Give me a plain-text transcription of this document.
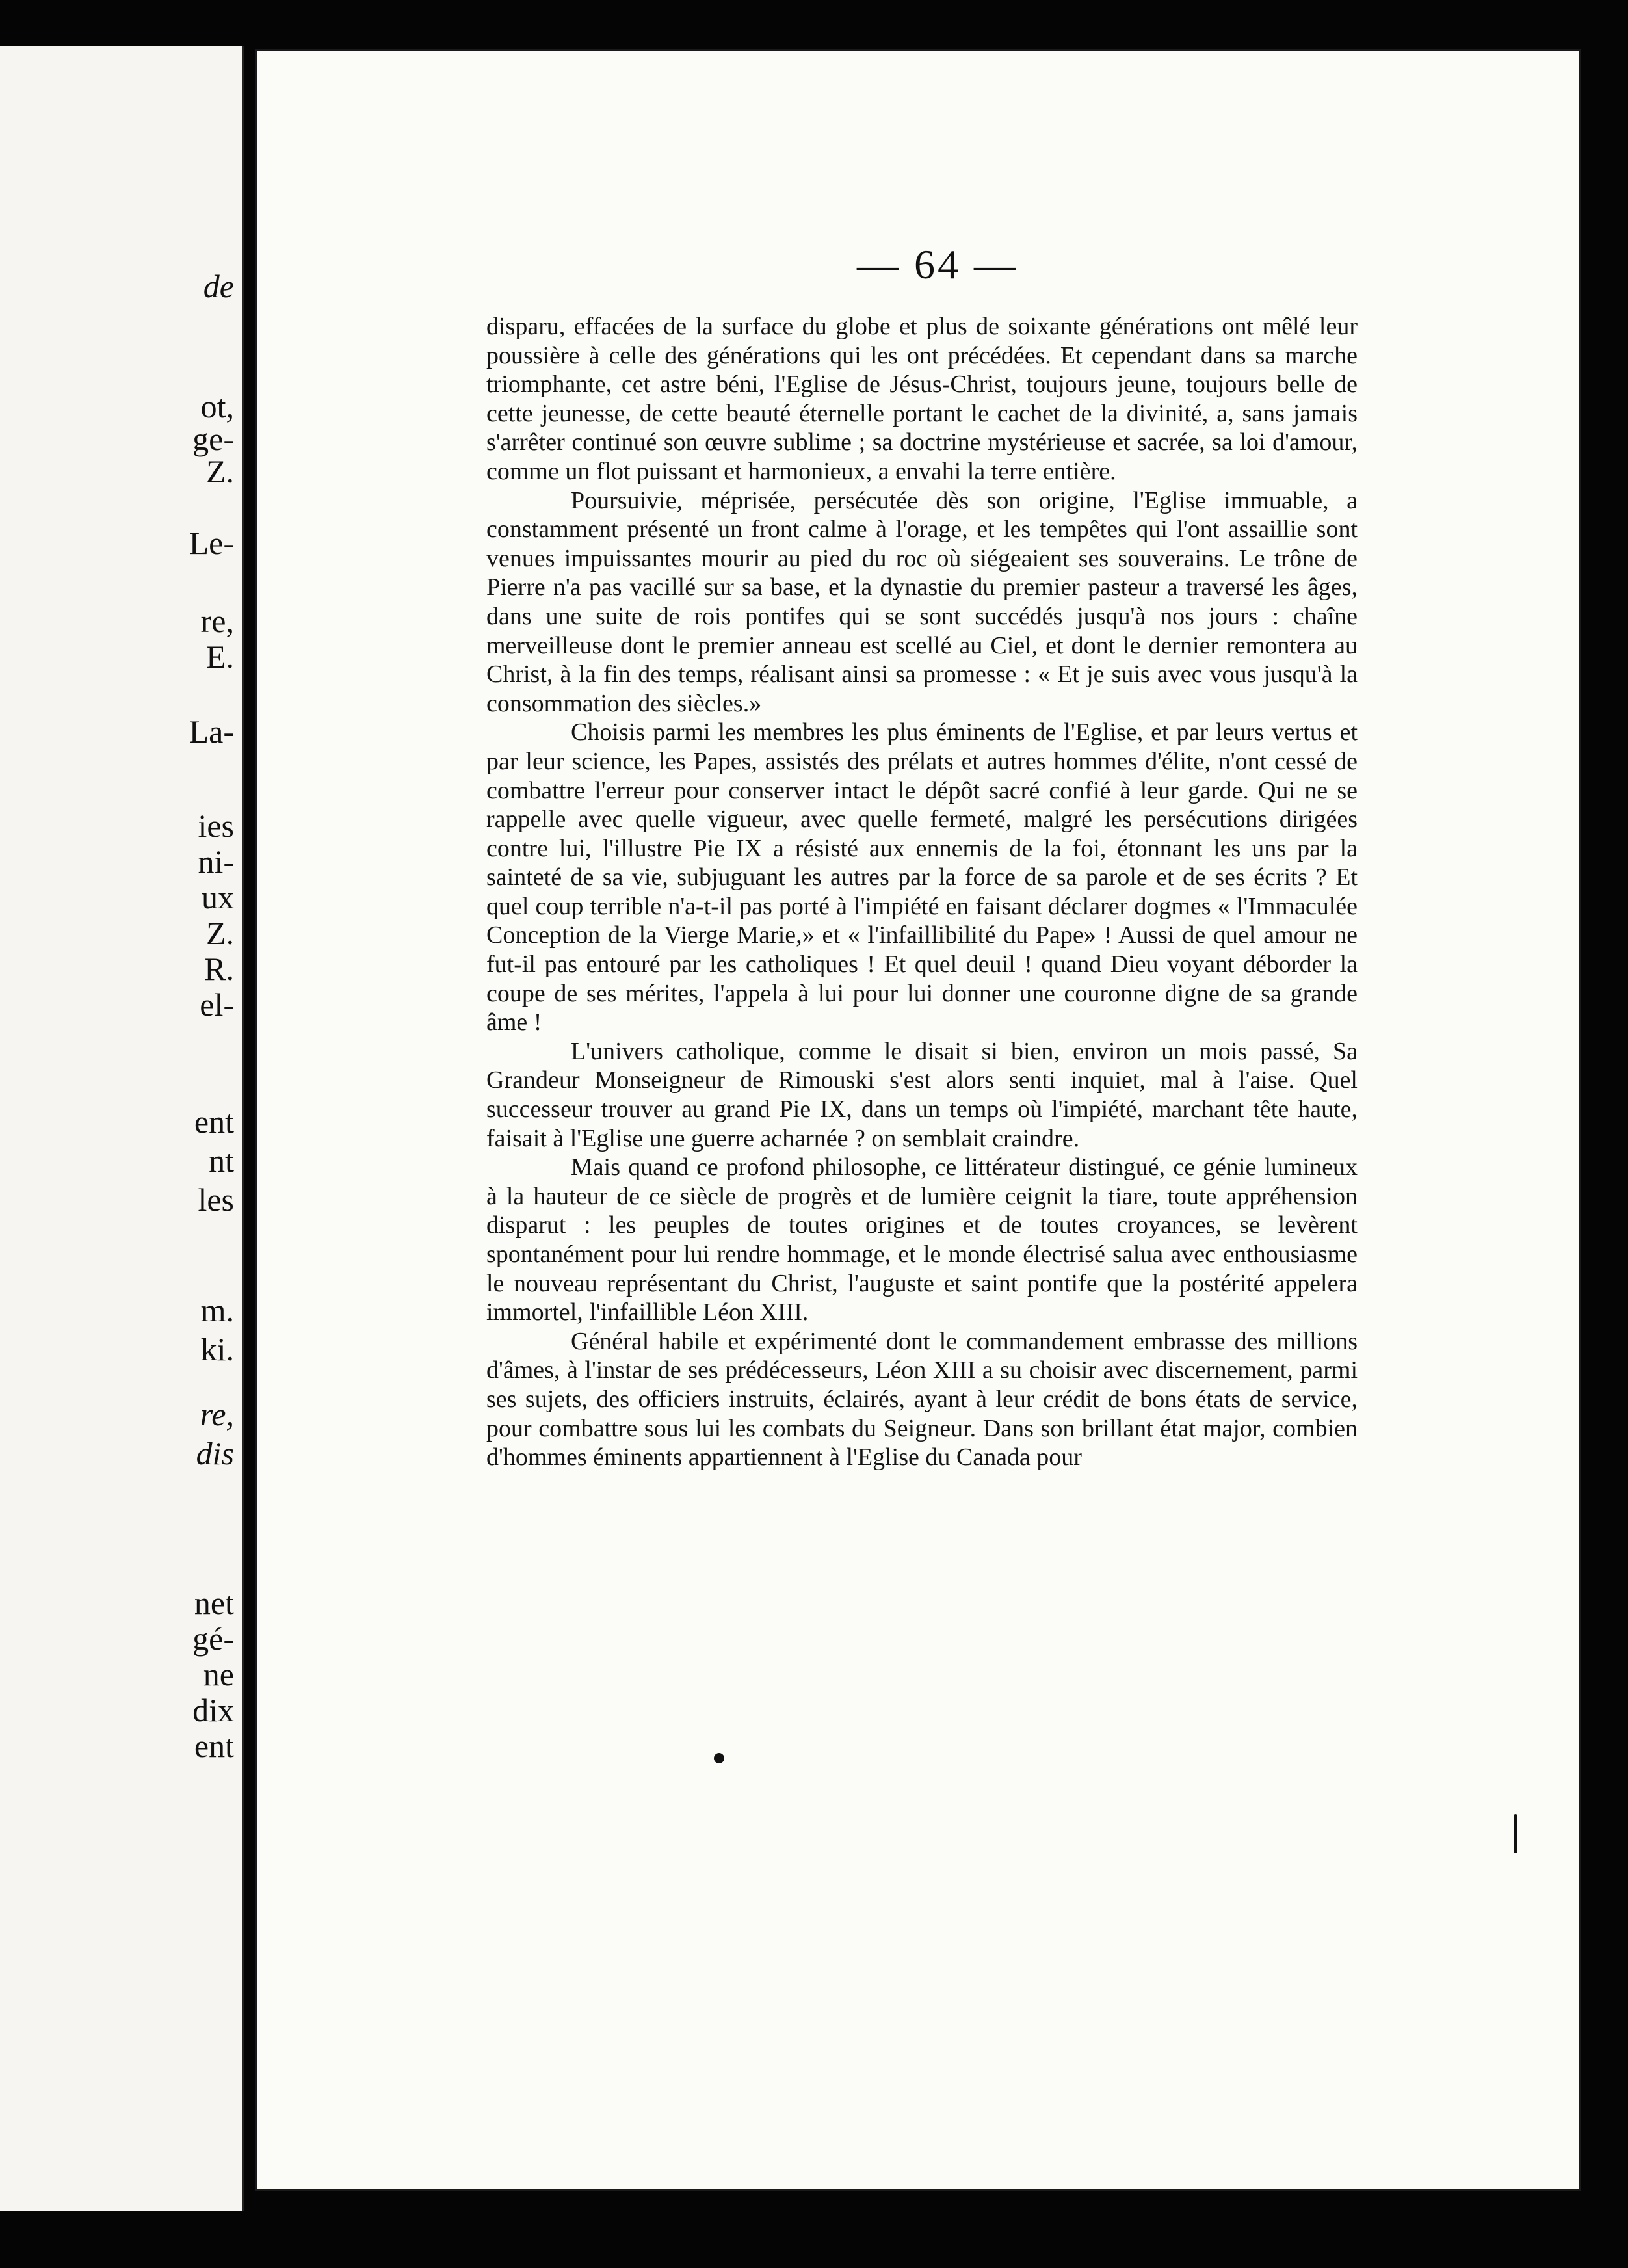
de
ot,
ge-
Z.
Le-
re,
E.
La-
ies
ni-
ux
Z.
R.
el-
ent
nt
les
m.
ki.
re,
dis
net
gé-
ne
dix
ent
— 64 —

disparu, effacées de la surface du globe et plus de soixante générations ont mêlé leur poussière à celle des générations qui les ont précédées. Et cependant dans sa marche triomphante, cet astre béni, l'Eglise de Jésus-Christ, toujours jeune, toujours belle de cette jeunesse, de cette beauté éternelle portant le cachet de la divinité, a, sans jamais s'arrêter continué son œuvre sublime ; sa doctrine mystérieuse et sacrée, sa loi d'amour, comme un flot puissant et harmonieux, a envahi la terre entière.

Poursuivie, méprisée, persécutée dès son origine, l'Eglise immuable, a constamment présenté un front calme à l'orage, et les tempêtes qui l'ont assaillie sont venues impuissantes mourir au pied du roc où siégeaient ses souverains. Le trône de Pierre n'a pas vacillé sur sa base, et la dynastie du premier pasteur a traversé les âges, dans une suite de rois pontifes qui se sont succédés jusqu'à nos jours : chaîne merveilleuse dont le premier anneau est scellé au Ciel, et dont le dernier remontera au Christ, à la fin des temps, réalisant ainsi sa promesse : « Et je suis avec vous jusqu'à la consommation des siècles.»

Choisis parmi les membres les plus éminents de l'Eglise, et par leurs vertus et par leur science, les Papes, assistés des prélats et autres hommes d'élite, n'ont cessé de combattre l'erreur pour conserver intact le dépôt sacré confié à leur garde. Qui ne se rappelle avec quelle vigueur, avec quelle fermeté, malgré les persécutions dirigées contre lui, l'illustre Pie IX a résisté aux ennemis de la foi, étonnant les uns par la sainteté de sa vie, subjuguant les autres par la force de sa parole et de ses écrits ? Et quel coup terrible n'a-t-il pas porté à l'impiété en faisant déclarer dogmes « l'Immaculée Conception de la Vierge Marie,» et « l'infaillibilité du Pape» ! Aussi de quel amour ne fut-il pas entouré par les catholiques ! Et quel deuil ! quand Dieu voyant déborder la coupe de ses mérites, l'appela à lui pour lui donner une couronne digne de sa grande âme !

L'univers catholique, comme le disait si bien, environ un mois passé, Sa Grandeur Monseigneur de Rimouski s'est alors senti inquiet, mal à l'aise. Quel successeur trouver au grand Pie IX, dans un temps où l'impiété, marchant tête haute, faisait à l'Eglise une guerre acharnée ? on semblait craindre.

Mais quand ce profond philosophe, ce littérateur distingué, ce génie lumineux à la hauteur de ce siècle de progrès et de lumière ceignit la tiare, toute appréhension disparut : les peuples de toutes origines et de toutes croyances, se levèrent spontanément pour lui rendre hommage, et le monde électrisé salua avec enthousiasme le nouveau représentant du Christ, l'auguste et saint pontife que la postérité appelera immortel, l'infaillible Léon XIII.

Général habile et expérimenté dont le commandement embrasse des millions d'âmes, à l'instar de ses prédécesseurs, Léon XIII a su choisir avec discernement, parmi ses sujets, des officiers instruits, éclairés, ayant à leur crédit de bons états de service, pour combattre sous lui les combats du Seigneur. Dans son brillant état major, combien d'hommes éminents appartiennent à l'Eglise du Canada pour
